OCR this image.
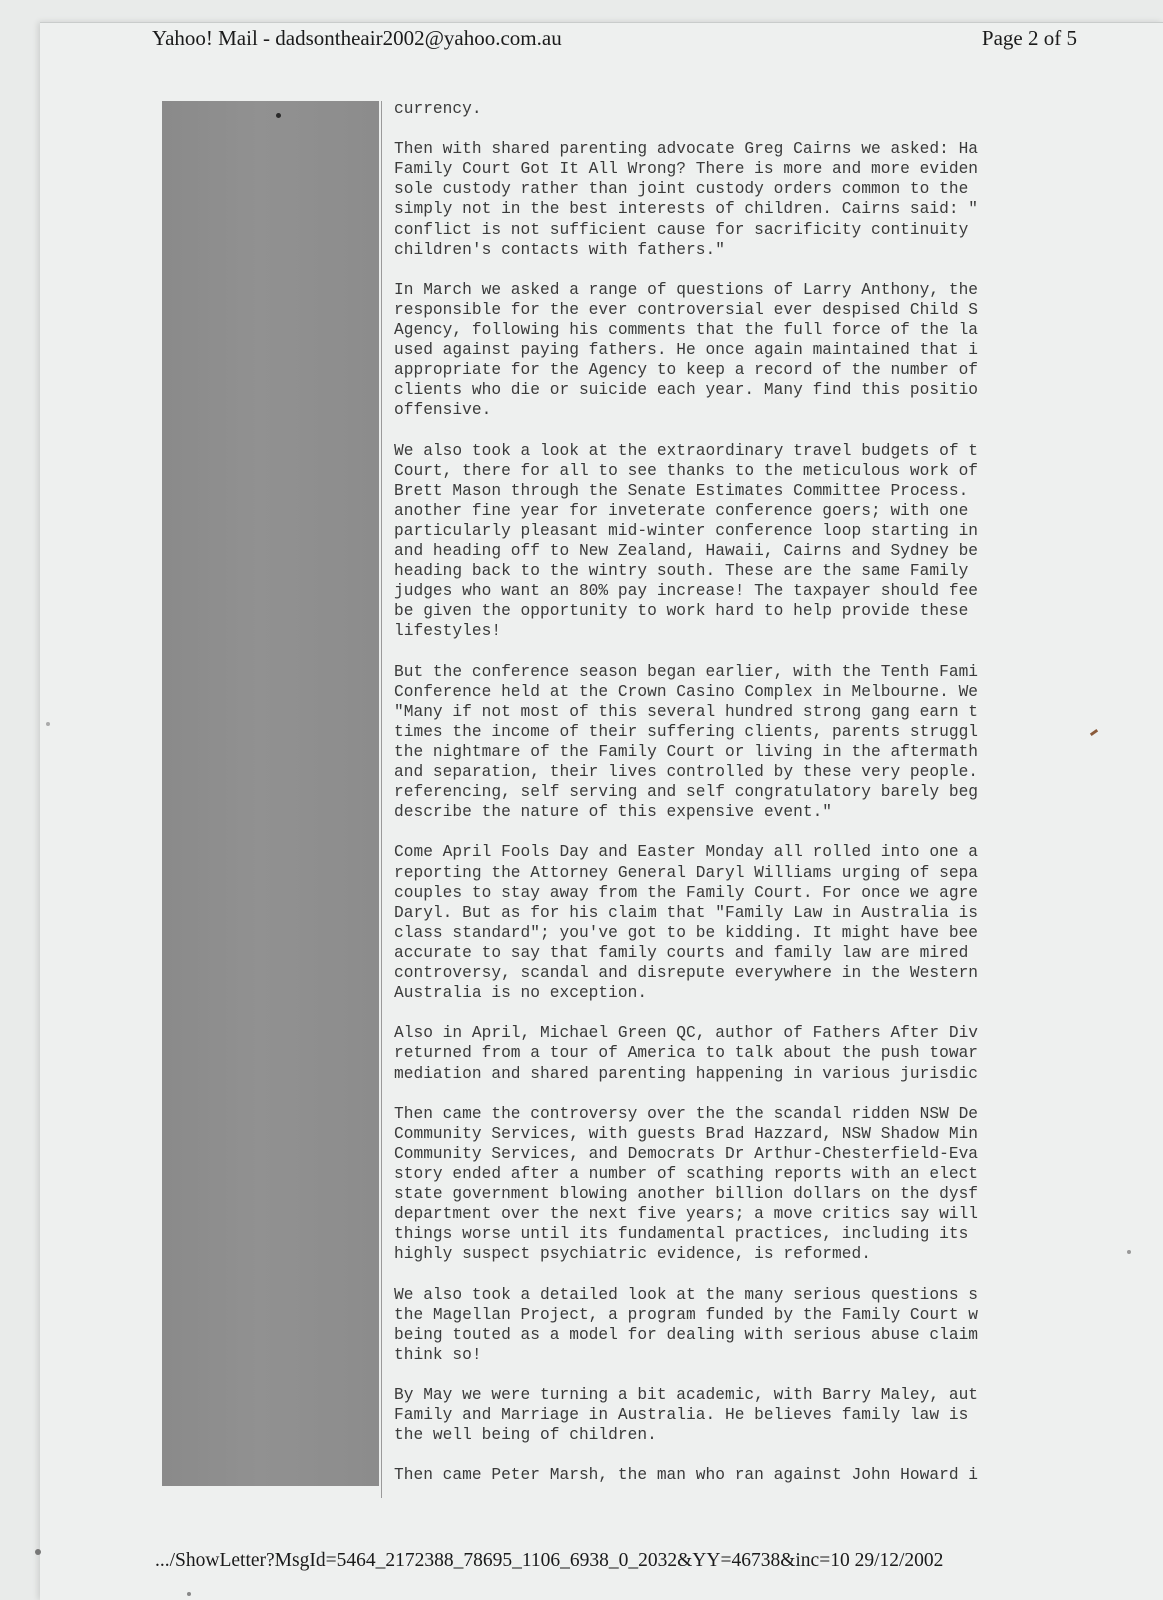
Yahoo! Mail - dadsontheair2002@yahoo.com.au	Page 2 of 5
currency.
Then with shared parenting advocate Greg Cairns we asked: Ha
Family Court Got It All Wrong? There is more and more eviden
sole custody rather than joint custody orders common to the
simply not in the best interests of children. Cairns said: "
conflict is not sufficient cause for sacrificity continuity
children's contacts with fathers."
In March we asked a range of questions of Larry Anthony, the
responsible for the ever controversial ever despised Child S
Agency, following his comments that the full force of the la
used against paying fathers. He once again maintained that i
appropriate for the Agency to keep a record of the number of
clients who die or suicide each year. Many find this positio
offensive.
We also took a look at the extraordinary travel budgets of t
Court, there for all to see thanks to the meticulous work of
Brett Mason through the Senate Estimates Committee Process.
another fine year for inveterate conference goers; with one
particularly pleasant mid-winter conference loop starting in
and heading off to New Zealand, Hawaii, Cairns and Sydney be
heading back to the wintry south. These are the same Family
judges who want an 80% pay increase! The taxpayer should fee
be given the opportunity to work hard to help provide these
lifestyles!
But the conference season began earlier, with the Tenth Fami
Conference held at the Crown Casino Complex in Melbourne. We
"Many if not most of this several hundred strong gang earn t
times the income of their suffering clients, parents struggl
the nightmare of the Family Court or living in the aftermath
and separation, their lives controlled by these very people.
referencing, self serving and self congratulatory barely beg
describe the nature of this expensive event."
Come April Fools Day and Easter Monday all rolled into one a
reporting the Attorney General Daryl Williams urging of sepa
couples to stay away from the Family Court. For once we agre
Daryl. But as for his claim that "Family Law in Australia is
class standard"; you've got to be kidding. It might have bee
accurate to say that family courts and family law are mired
controversy, scandal and disrepute everywhere in the Western
Australia is no exception.
Also in April, Michael Green QC, author of Fathers After Div
returned from a tour of America to talk about the push towar
mediation and shared parenting happening in various jurisdic
Then came the controversy over the the scandal ridden NSW De
Community Services, with guests Brad Hazzard, NSW Shadow Min
Community Services, and Democrats Dr Arthur-Chesterfield-Eva
story ended after a number of scathing reports with an elect
state government blowing another billion dollars on the dysf
department over the next five years; a move critics say will
things worse until its fundamental practices, including its
highly suspect psychiatric evidence, is reformed.
We also took a detailed look at the many serious questions s
the Magellan Project, a program funded by the Family Court w
being touted as a model for dealing with serious abuse claim
think so!
By May we were turning a bit academic, with Barry Maley, aut
Family and Marriage in Australia. He believes family law is
the well being of children.
Then came Peter Marsh, the man who ran against John Howard i
.../ShowLetter?MsgId=5464_2172388_78695_1106_6938_0_2032&YY=46738&inc=10 29/12/2002
